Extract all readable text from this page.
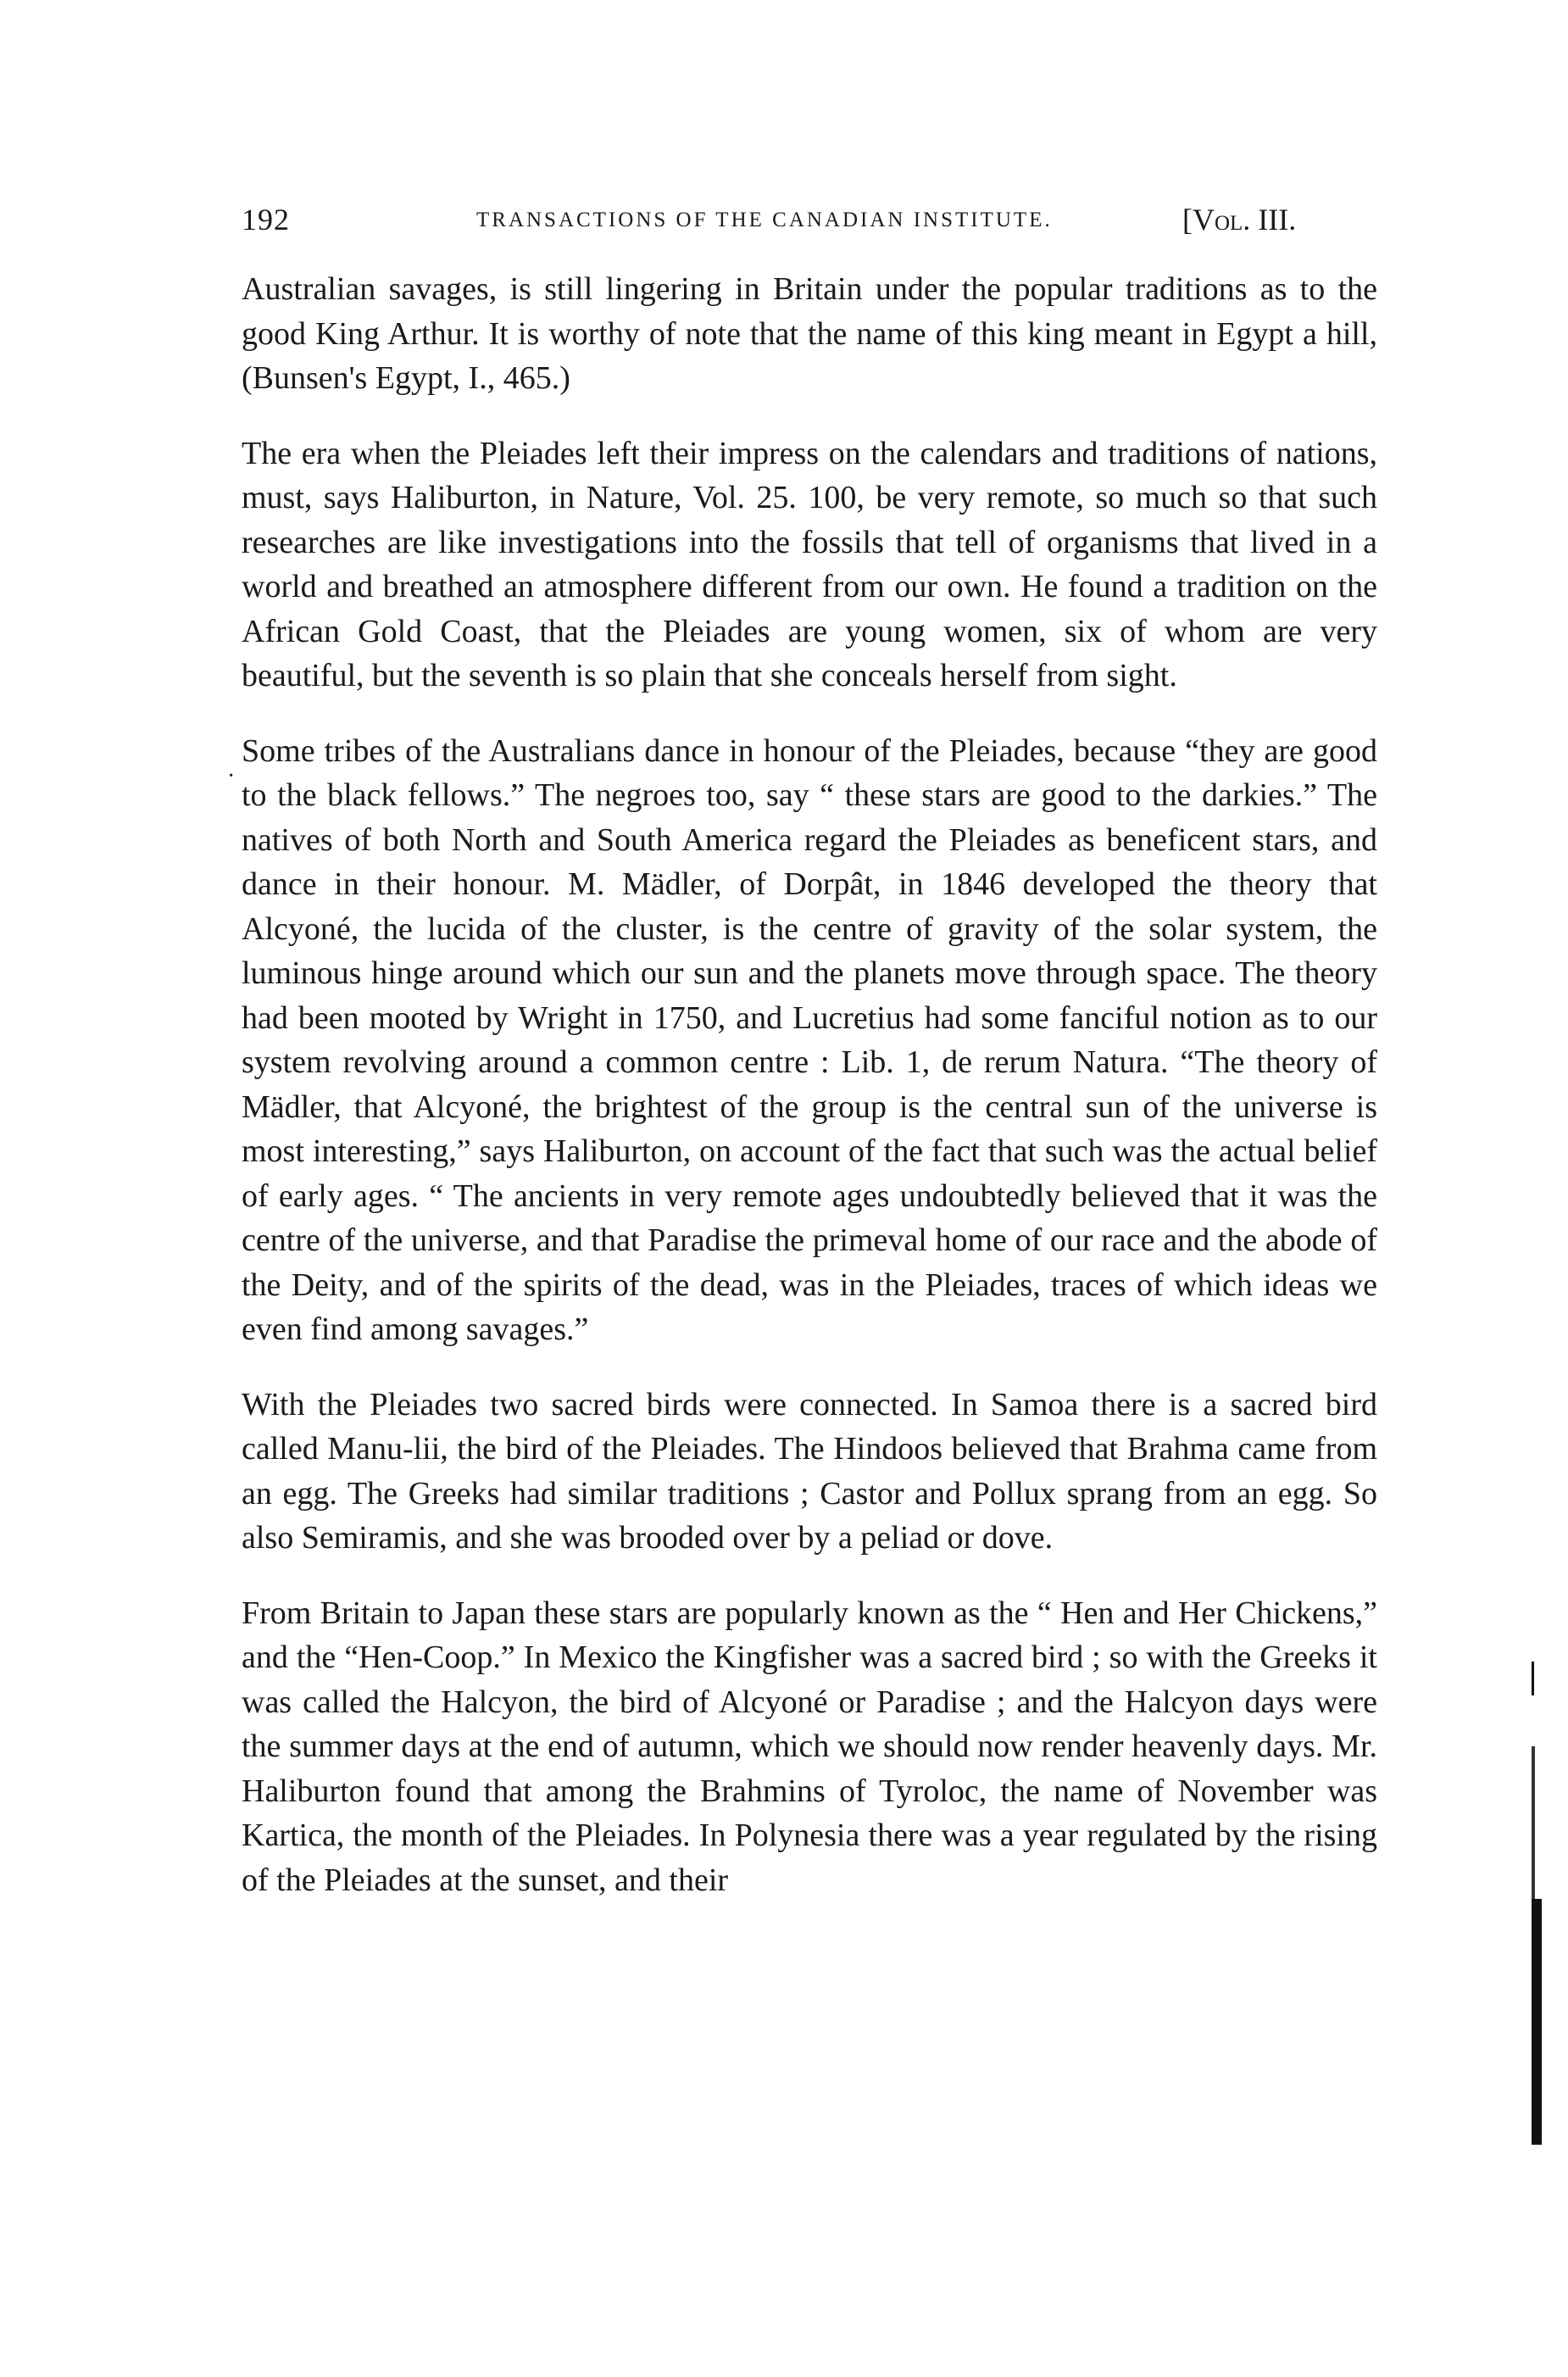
192	TRANSACTIONS OF THE CANADIAN INSTITUTE.	[Vol. III.

Australian savages, is still lingering in Britain under the popular traditions as to the good King Arthur. It is worthy of note that the name of this king meant in Egypt a hill, (Bunsen's Egypt, I., 465.)

The era when the Pleiades left their impress on the calendars and traditions of nations, must, says Haliburton, in Nature, Vol. 25. 100, be very remote, so much so that such researches are like investigations into the fossils that tell of organisms that lived in a world and breathed an atmosphere different from our own. He found a tradition on the African Gold Coast, that the Pleiades are young women, six of whom are very beautiful, but the seventh is so plain that she conceals herself from sight.

Some tribes of the Australians dance in honour of the Pleiades, because “they are good to the black fellows.” The negroes too, say “ these stars are good to the darkies.” The natives of both North and South America regard the Pleiades as beneficent stars, and dance in their honour. M. Mädler, of Dorpât, in 1846 developed the theory that Alcyoné, the lucida of the cluster, is the centre of gravity of the solar system, the luminous hinge around which our sun and the planets move through space. The theory had been mooted by Wright in 1750, and Lucretius had some fanciful notion as to our system revolving around a common centre : Lib. 1, de rerum Natura. “The theory of Mädler, that Alcyoné, the brightest of the group is the central sun of the universe is most interesting,” says Haliburton, on account of the fact that such was the actual belief of early ages. “ The ancients in very remote ages undoubtedly believed that it was the centre of the universe, and that Paradise the primeval home of our race and the abode of the Deity, and of the spirits of the dead, was in the Pleiades, traces of which ideas we even find among savages.”

With the Pleiades two sacred birds were connected. In Samoa there is a sacred bird called Manu-lii, the bird of the Pleiades. The Hindoos believed that Brahma came from an egg. The Greeks had similar traditions ; Castor and Pollux sprang from an egg. So also Semiramis, and she was brooded over by a peliad or dove.

From Britain to Japan these stars are popularly known as the “ Hen and Her Chickens,” and the “Hen-Coop.” In Mexico the Kingfisher was a sacred bird ; so with the Greeks it was called the Halcyon, the bird of Alcyoné or Paradise ; and the Halcyon days were the summer days at the end of autumn, which we should now render heavenly days. Mr. Haliburton found that among the Brahmins of Tyroloc, the name of November was Kartica, the month of the Pleiades. In Polynesia there was a year regulated by the rising of the Pleiades at the sunset, and their

·
